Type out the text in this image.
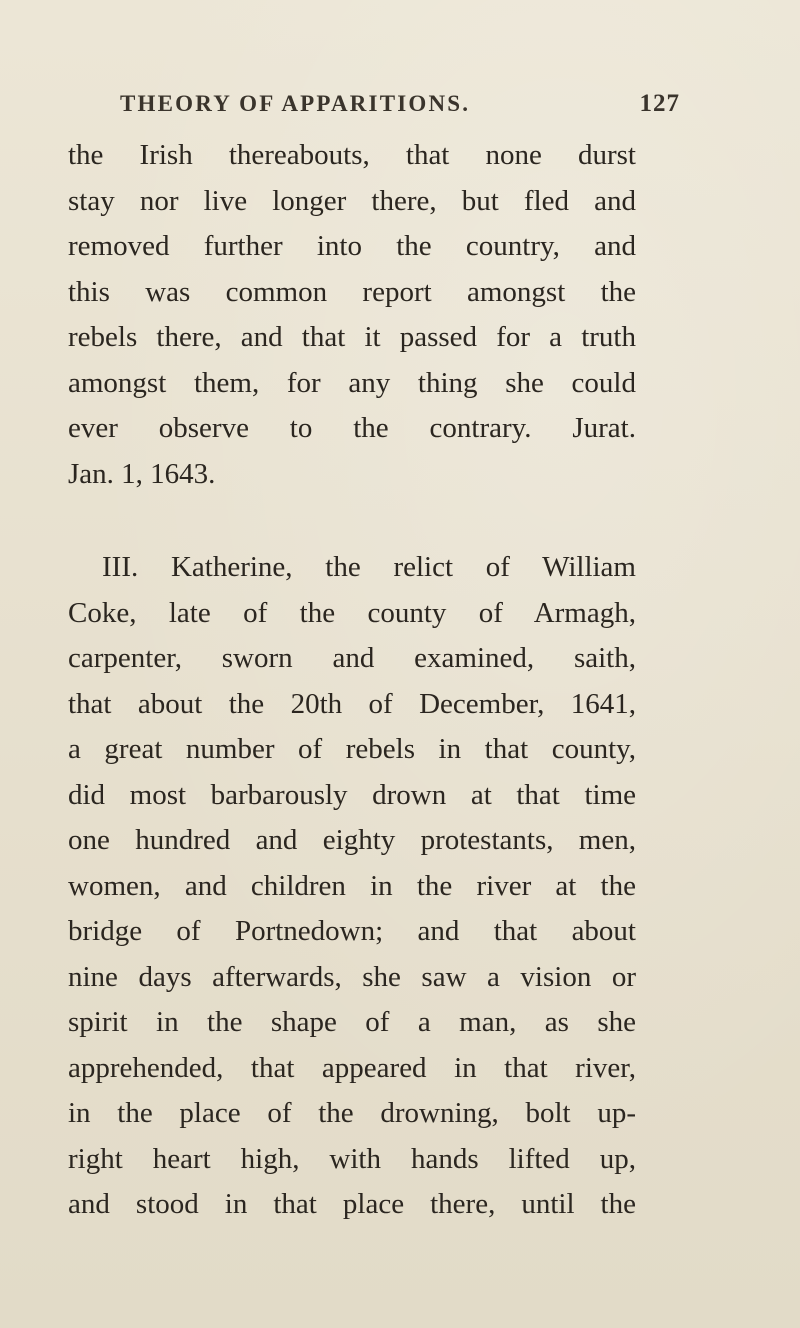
THEORY OF APPARITIONS.	127
the Irish thereabouts, that none durst
stay nor live longer there, but fled and
removed further into the country, and
this was common report amongst the
rebels there, and that it passed for a truth
amongst them, for any thing she could
ever observe to the contrary. Jurat.
Jan. 1, 1643.
III. Katherine, the relict of William
Coke, late of the county of Armagh,
carpenter, sworn and examined, saith,
that about the 20th of December, 1641,
a great number of rebels in that county,
did most barbarously drown at that time
one hundred and eighty protestants, men,
women, and children in the river at the
bridge of Portnedown; and that about
nine days afterwards, she saw a vision or
spirit in the shape of a man, as she
apprehended, that appeared in that river,
in the place of the drowning, bolt up-
right heart high, with hands lifted up,
and stood in that place there, until the
